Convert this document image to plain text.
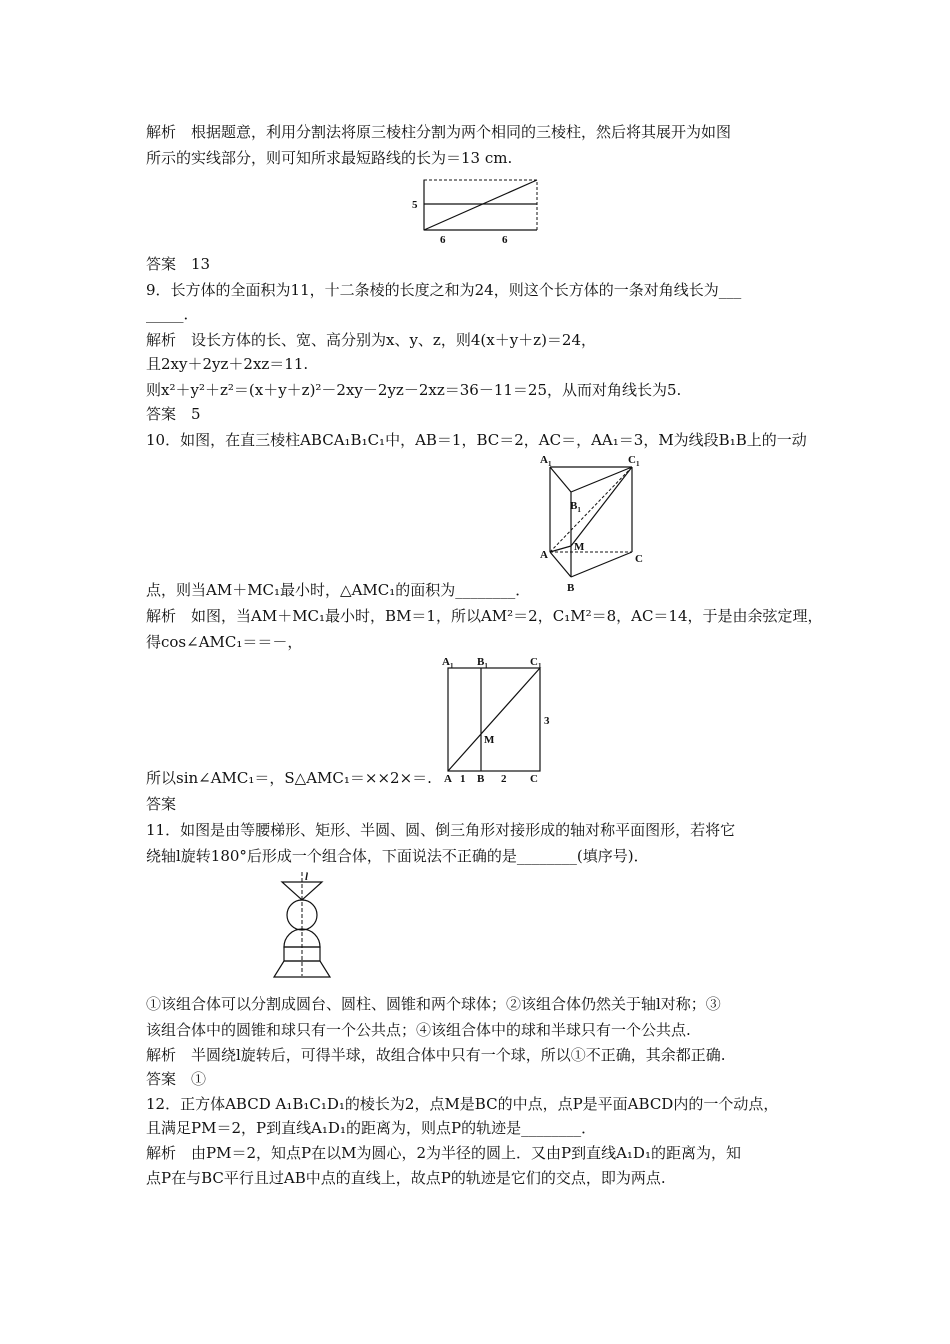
解析　根据题意，利用分割法将原三棱柱分割为两个相同的三棱柱，然后将其展开为如图
所示的实线部分，则可知所求最短路线的长为＝13 cm.
5
6	6
答案　13
9．长方体的全面积为11，十二条棱的长度之和为24，则这个长方体的一条对角线长为___
_____．
解析　设长方体的长、宽、高分别为x、y、z，则4(x＋y＋z)＝24，
且2xy＋2yz＋2xz＝11.
则x²＋y²＋z²＝(x＋y＋z)²－2xy－2yz－2xz＝36－11＝25，从而对角线长为5.
答案　5
10．如图，在直三棱柱ABCA₁B₁C₁中，AB＝1，BC＝2，AC＝，AA₁＝3，M为线段B₁B上的一动
$A_1$	$C_1$
$B_1$
A
M
C
B
点，则当AM＋MC₁最小时，△AMC₁的面积为________．
解析　如图，当AM＋MC₁最小时，BM＝1，所以AM²＝2，C₁M²＝8，AC＝14，于是由余弦定理，
得cos∠AMC₁＝＝－，
$A_1$ $B_1$	$C_1$
M
3
A 1 B 2 C
所以sin∠AMC₁＝，S△AMC₁＝××2×＝.
答案
11．如图是由等腰梯形、矩形、半圆、圆、倒三角形对接形成的轴对称平面图形，若将它
绕轴l旋转180°后形成一个组合体，下面说法不正确的是________(填序号)．
l
①该组合体可以分割成圆台、圆柱、圆锥和两个球体；②该组合体仍然关于轴l对称；③
该组合体中的圆锥和球只有一个公共点；④该组合体中的球和半球只有一个公共点.
解析　半圆绕l旋转后，可得半球，故组合体中只有一个球，所以①不正确，其余都正确.
答案　①
12．正方体ABCD A₁B₁C₁D₁的棱长为2，点M是BC的中点，点P是平面ABCD内的一个动点，
且满足PM＝2，P到直线A₁D₁的距离为，则点P的轨迹是________．
解析　由PM＝2，知点P在以M为圆心，2为半径的圆上．又由P到直线A₁D₁的距离为，知
点P在与BC平行且过AB中点的直线上，故点P的轨迹是它们的交点，即为两点.
